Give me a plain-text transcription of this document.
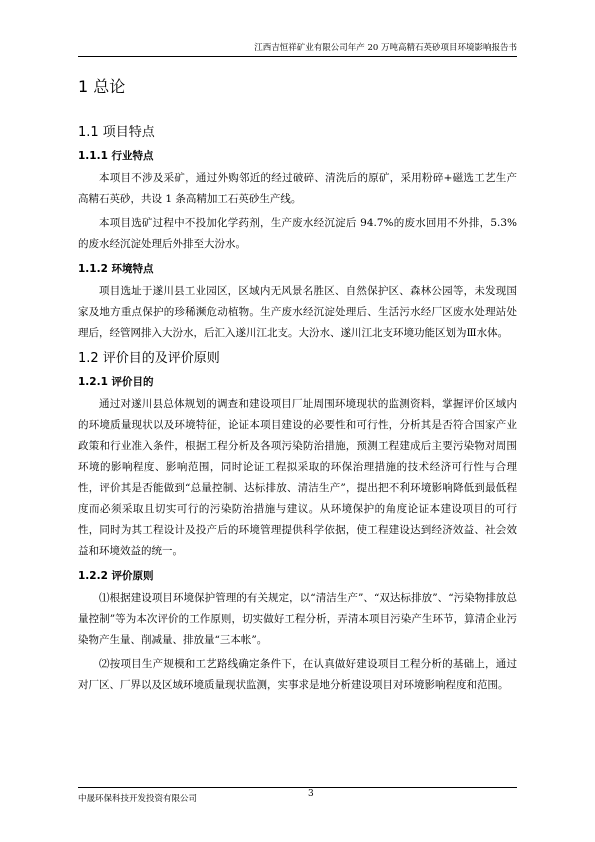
江西吉恒祥矿业有限公司年产 20 万吨高精石英砂项目环境影响报告书
1 总论
1.1 项目特点
1.1.1 行业特点

本项目不涉及采矿，通过外购邻近的经过破碎、清洗后的原矿，采用粉碎+磁选工艺生产高精石英砂，共设 1 条高精加工石英砂生产线。

本项目选矿过程中不投加化学药剂，生产废水经沉淀后 94.7%的废水回用不外排，5.3%的废水经沉淀处理后外排至大汾水。

1.1.2 环境特点

项目选址于遂川县工业园区，区域内无风景名胜区、自然保护区、森林公园等，未发现国家及地方重点保护的珍稀濒危动植物。生产废水经沉淀处理后、生活污水经厂区废水处理站处理后，经管网排入大汾水，后汇入遂川江北支。大汾水、遂川江北支环境功能区划为Ⅲ水体。

1.2 评价目的及评价原则
1.2.1 评价目的

通过对遂川县总体规划的调查和建设项目厂址周围环境现状的监测资料，掌握评价区域内的环境质量现状以及环境特征，论证本项目建设的必要性和可行性，分析其是否符合国家产业政策和行业准入条件，根据工程分析及各项污染防治措施，预测工程建成后主要污染物对周围环境的影响程度、影响范围，同时论证工程拟采取的环保治理措施的技术经济可行性与合理性，评价其是否能做到“总量控制、达标排放、清洁生产”，提出把不利环境影响降低到最低程度而必须采取且切实可行的污染防治措施与建议。从环境保护的角度论证本建设项目的可行性，同时为其工程设计及投产后的环境管理提供科学依据，使工程建设达到经济效益、社会效益和环境效益的统一。

1.2.2 评价原则

⑴根据建设项目环境保护管理的有关规定，以“清洁生产”、“双达标排放”、“污染物排放总量控制”等为本次评价的工作原则，切实做好工程分析，弄清本项目污染产生环节，算清企业污染物产生量、削减量、排放量“三本帐”。

⑵按项目生产规模和工艺路线确定条件下，在认真做好建设项目工程分析的基础上，通过对厂区、厂界以及区域环境质量现状监测，实事求是地分析建设项目对环境影响程度和范围。

中晟环保科技开发投资有限公司	3
